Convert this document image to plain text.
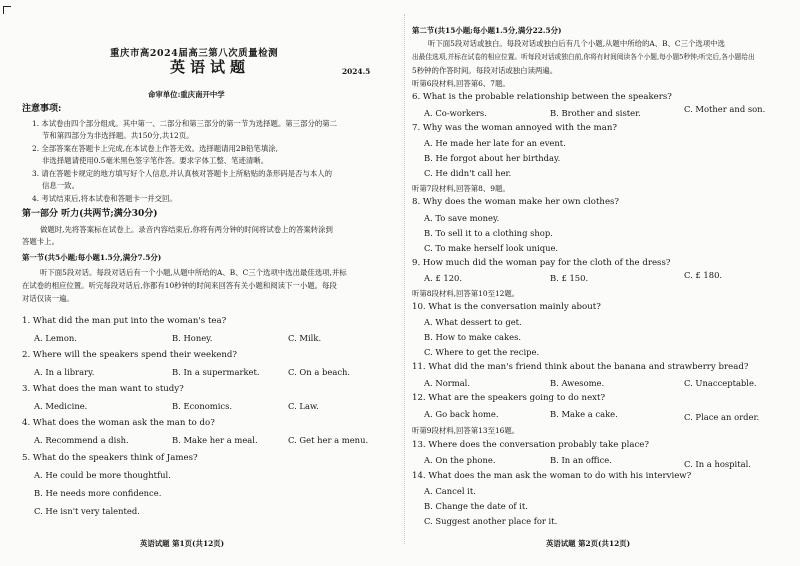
重庆市高2024届高三第八次质量检测
英语试题	2024.5
命审单位:重庆南开中学
注意事项:
1. 本试卷由四个部分组成。其中第一、二部分和第三部分的第一节为选择题。第三部分的第二
节和第四部分为非选择题。共150分,共12页。
2. 全部答案在答题卡上完成,在本试卷上作答无效。选择题请用2B铅笔填涂,
非选择题请使用0.5毫米黑色签字笔作答。要求字体工整、笔迹清晰。
3. 请在答题卡规定的地方填写好个人信息,并认真核对答题卡上所粘贴的条形码是否与本人的
信息一致。
4. 考试结束后,将本试卷和答题卡一并交回。
第一部分 听力(共两节;满分30分)
做题时,先将答案标在试卷上。录音内容结束后,你将有两分钟的时间将试卷上的答案转涂到
答题卡上。
第一节(共5小题;每小题1.5分,满分7.5分)
听下面5段对话。每段对话后有一个小题,从题中所给的A、B、C三个选项中选出最佳选项,并标
在试卷的相应位置。听完每段对话后,你都有10秒钟的时间来回答有关小题和阅读下一小题。每段
对话仅读一遍。
1. What did the man put into the woman's tea?
A. Lemon.	B. Honey.	C. Milk.
2. Where will the speakers spend their weekend?
A. In a library.	B. In a supermarket.	C. On a beach.
3. What does the man want to study?
A. Medicine.	B. Economics.	C. Law.
4. What does the woman ask the man to do?
A. Recommend a dish.	B. Make her a meal.	C. Get her a menu.
5. What do the speakers think of James?
A. He could be more thoughtful.
B. He needs more confidence.
C. He isn't very talented.
英语试题 第1页(共12页)
第二节(共15小题;每小题1.5分,满分22.5分)
听下面5段对话或独白。每段对话或独白后有几个小题,从题中所给的A、B、C三个选项中选
出最佳选项,并标在试卷的相应位置。听每段对话或独白前,你将有时间阅读各个小题,每小题5秒钟;听完后,各小题给出
5秒钟的作答时间。每段对话或独白读两遍。
听第6段材料,回答第6、7题。
6. What is the probable relationship between the speakers?
A. Co-workers.	B. Brother and sister.	C. Mother and son.
7. Why was the woman annoyed with the man?
A. He made her late for an event.
B. He forgot about her birthday.
C. He didn't call her.
听第7段材料,回答第8、9题。
8. Why does the woman make her own clothes?
A. To save money.
B. To sell it to a clothing shop.
C. To make herself look unique.
9. How much did the woman pay for the cloth of the dress?
A. £ 120.	B. £ 150.	C. £ 180.
听第8段材料,回答第10至12题。
10. What is the conversation mainly about?
A. What dessert to get.
B. How to make cakes.
C. Where to get the recipe.
11. What did the man's friend think about the banana and strawberry bread?
A. Normal.	B. Awesome.	C. Unacceptable.
12. What are the speakers going to do next?
A. Go back home.	B. Make a cake.	C. Place an order.
听第9段材料,回答第13至16题。
13. Where does the conversation probably take place?
A. On the phone.	B. In an office.	C. In a hospital.
14. What does the man ask the woman to do with his interview?
A. Cancel it.
B. Change the date of it.
C. Suggest another place for it.
英语试题 第2页(共12页)
